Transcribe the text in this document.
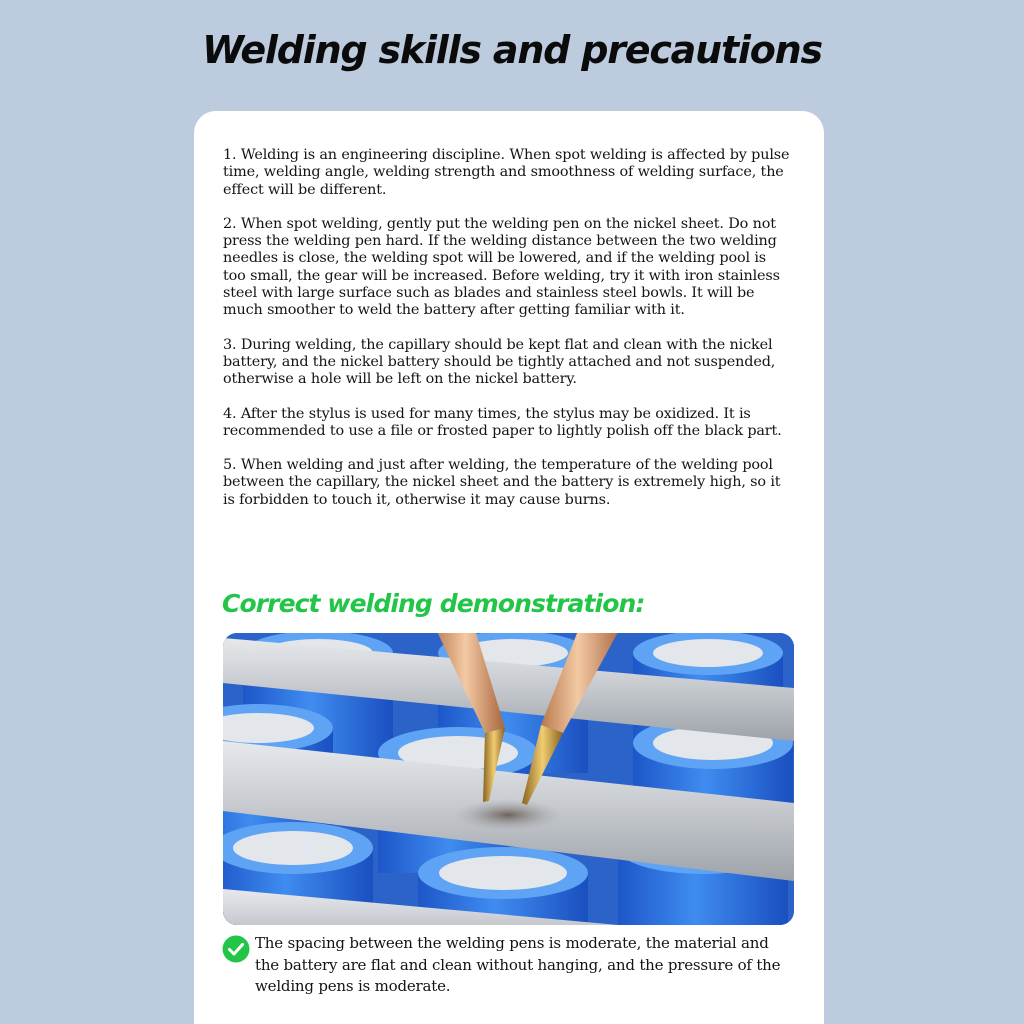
Welding skills and precautions

1. Welding is an engineering discipline. When spot welding is affected by pulse time, welding angle, welding strength and smoothness of welding surface, the effect will be different.

2. When spot welding, gently put the welding pen on the nickel sheet. Do not press the welding pen hard. If the welding distance between the two welding needles is close, the welding spot will be lowered, and if the welding pool is too small, the gear will be increased. Before welding, try it with iron stainless steel with large surface such as blades and stainless steel bowls. It will be much smoother to weld the battery after getting familiar with it.

3. During welding, the capillary should be kept flat and clean with the nickel battery, and the nickel battery should be tightly attached and not suspended, otherwise a hole will be left on the nickel battery.

4. After the stylus is used for many times, the stylus may be oxidized. It is recommended to use a file or frosted paper to lightly polish off the black part.

5. When welding and just after welding, the temperature of the welding pool between the capillary, the nickel sheet and the battery is extremely high, so it is forbidden to touch it, otherwise it may cause burns.

Correct welding demonstration:

The spacing between the welding pens is moderate, the material and the battery are flat and clean without hanging, and the pressure of the welding pens is moderate.
